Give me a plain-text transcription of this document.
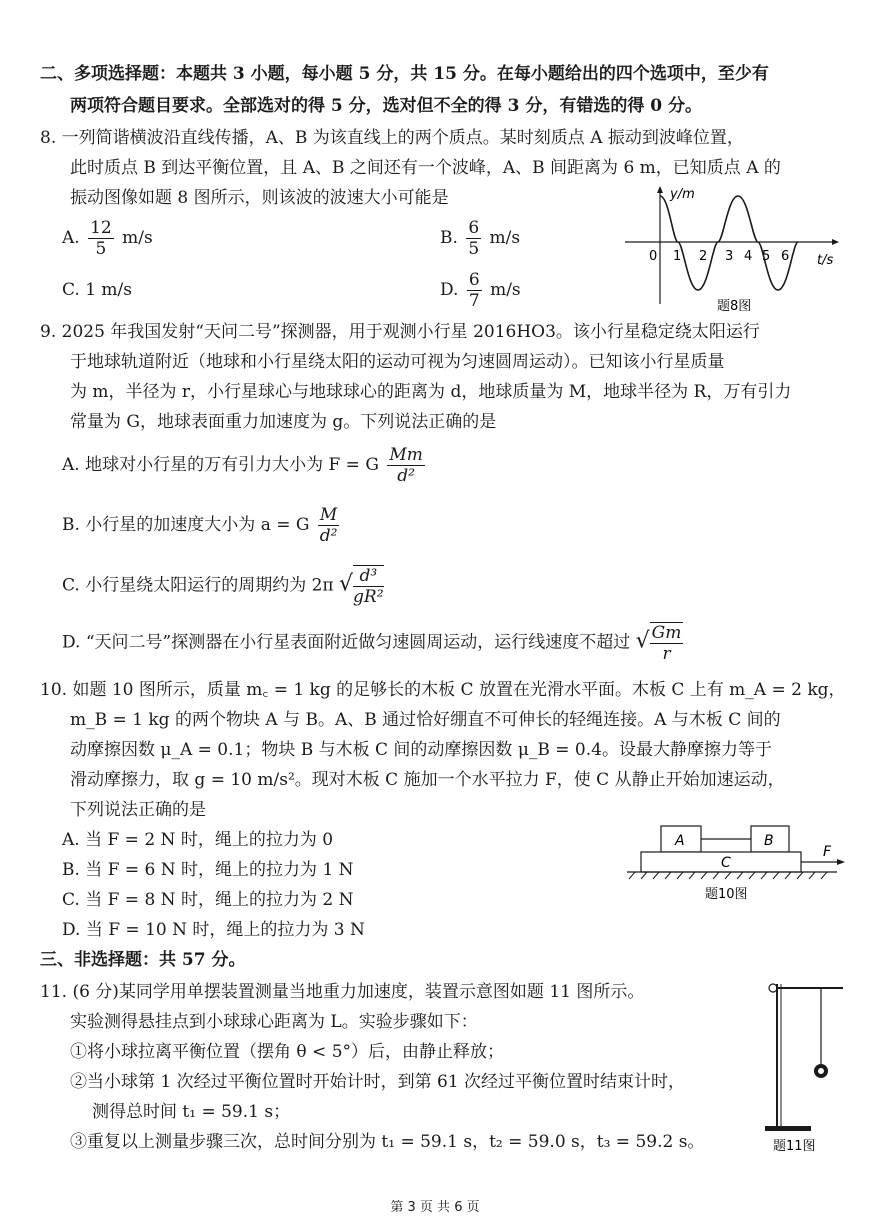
二、多项选择题：本题共 3 小题，每小题 5 分，共 15 分。在每小题给出的四个选项中，至少有
两项符合题目要求。全部选对的得 5 分，选对但不全的得 3 分，有错选的得 0 分。
8. 一列简谐横波沿直线传播，A、B 为该直线上的两个质点。某时刻质点 A 振动到波峰位置，
此时质点 B 到达平衡位置，且 A、B 之间还有一个波峰，A、B 间距离为 6 m，已知质点 A 的
振动图像如题 8 图所示，则该波的波速大小可能是
A. $\frac{12}{5} m/s$	B. $\frac{6}{5} m/s$
C. 1 m/s	D. $\frac{6}{7} m/s$
y/m
0 1 2 3 4 5 6 t/s
题8图
9. 2025 年我国发射“天问二号”探测器，用于观测小行星 2016HO3。该小行星稳定绕太阳运行
于地球轨道附近（地球和小行星绕太阳的运动可视为匀速圆周运动）。已知该小行星质量
为 m，半径为 r，小行星球心与地球球心的距离为 d，地球质量为 M，地球半径为 R，万有引力
常量为 G，地球表面重力加速度为 g。下列说法正确的是
A. 地球对小行星的万有引力大小为 F = G $\frac{Mm}{\text{d²}}$
B. 小行星的加速度大小为 a = G $\frac{M}{\text{d²}}$
C. 小行星绕太阳运行的周期约为 2π √ $\frac{\text{d³}}{\text{gR²}}$
D. “天问二号”探测器在小行星表面附近做匀速圆周运动，运行线速度不超过 √ $\frac{Gm}{r}$
10. 如题 10 图所示，质量 m꜀ = 1 kg 的足够长的木板 C 放置在光滑水平面。木板 C 上有 m_A = 2 kg，
m_B = 1 kg 的两个物块 A 与 B。A、B 通过恰好绷直不可伸长的轻绳连接。A 与木板 C 间的
动摩擦因数 μ_A = 0.1；物块 B 与木板 C 间的动摩擦因数 μ_B = 0.4。设最大静摩擦力等于
滑动摩擦力，取 g = 10 m/s²。现对木板 C 施加一个水平拉力 F，使 C 从静止开始加速运动，
下列说法正确的是
A. 当 F = 2 N 时，绳上的拉力为 0
B. 当 F = 6 N 时，绳上的拉力为 1 N
C. 当 F = 8 N 时，绳上的拉力为 2 N
D. 当 F = 10 N 时，绳上的拉力为 3 N
A	B
C
F
题10图
三、非选择题：共 57 分。
11. (6 分)某同学用单摆装置测量当地重力加速度，装置示意图如题 11 图所示。
实验测得悬挂点到小球球心距离为 L。实验步骤如下：
①将小球拉离平衡位置（摆角 θ < 5°）后，由静止释放；
②当小球第 1 次经过平衡位置时开始计时，到第 61 次经过平衡位置时结束计时，
测得总时间 t₁ = 59.1 s；
③重复以上测量步骤三次，总时间分别为 t₁ = 59.1 s，t₂ = 59.0 s，t₃ = 59.2 s。	题11图
第 3 页 共 6 页
